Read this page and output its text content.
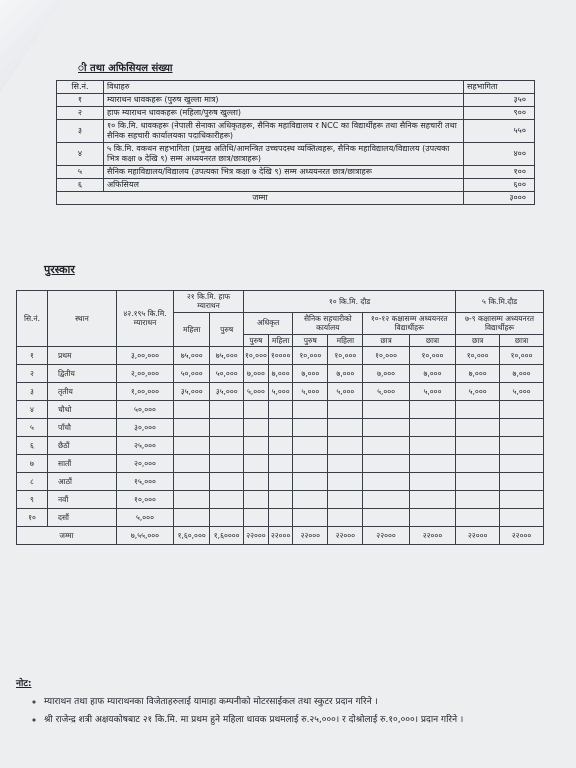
ी तथा अफिसियल संख्या
सि.नं.	विधाहरु	सहभागिता
१	म्याराथन धावकहरू (पुरुष खुल्ला मात्र)	३५०
२	हाफ म्याराथन धावकहरू (महिला/पुरुष खुल्ला)	९००
३	१० कि.मि. धावकहरू (नेपाली सेनाका अधिकृतहरू, सैनिक महाविद्यालय र NCC का विद्यार्थीहरू तथा सैनिक सहचारी तथा सैनिक सहचारी कार्यालयका पदाधिकारीहरू)	५५०
४	५ कि.मि. वकथन सहभागिता (प्रमुख अतिथि/आमन्त्रित उच्चपदस्थ व्यक्तित्वहरू, सैनिक महाविद्यालय/विद्यालय (उपत्यका भित्र कक्षा ७ देखि ९) सम्म अध्ययनरत छात्र/छात्राहरू)	४००
५	सैनिक महाविद्यालय/विद्यालय (उपत्यका भित्र कक्षा ७ देखि ९) सम्म अध्ययनरत छात्र/छात्राहरू	१००
६	अफिसियल	६००
जम्मा		३०००
पुरस्कार
सि.नं.	स्थान	४२.१९५ कि.मि. म्याराथन	२१ कि.मि. हाफ म्याराथन		१० कि.मि. दौड						५ कि.मि.दौड	
			महिला	पुरुष	अधिकृत		सैनिक सहचारीको कार्यालय		१०-१२ कक्षासम्म अध्ययनरत विद्यार्थीहरू		७-९ कक्षासम्म अध्ययनरत विद्यार्थीहरू	
					पुरुष	महिला	पुरुष	महिला	छात्र	छात्रा	छात्र	छात्रा
१	प्रथम	३,००,०००	७५,०००	७५,०००	१०,०००	१००००	१०,०००	१०,०००	१०,०००	१०,०००	१०,०००	१०,०००
२	द्वितीय	२,००,०००	५०,०००	५०,०००	७,०००	७,०००	७,०००	७,०००	७,०००	७,०००	७,०००	७,०००
३	तृतीय	१,००,०००	३५,०००	३५,०००	५,०००	५,०००	५,०००	५,०००	५,०००	५,०००	५,०००	५,०००
४	चौथो	५०,०००										
५	पाँचौ	३०,०००										
६	छैठौं	२५,०००										
७	सातौं	२०,०००										
८	आठौं	१५,०००										
९	नवौं	१०,०००										
१०	दसौं	५,०००										
जम्मा		७,५५,०००	१,६०,०००	१,६००००	२२०००	२२०००	२२०००	२२०००	२२०००	२२०००	२२०००	२२०००
नोट:
◦ म्याराथन तथा हाफ म्याराथनका विजेताहरुलाई यामाहा कम्पनीको मोटरसाईकल तथा स्कुटर प्रदान गरिने ।
◦ श्री राजेन्द्र शत्री अक्षयकोषबाट २१ कि.मि. मा प्रथम हुने महिला धावक प्रथमलाई रु.२५,०००। र दोश्रोलाई रु.१०,०००। प्रदान गरिने ।
